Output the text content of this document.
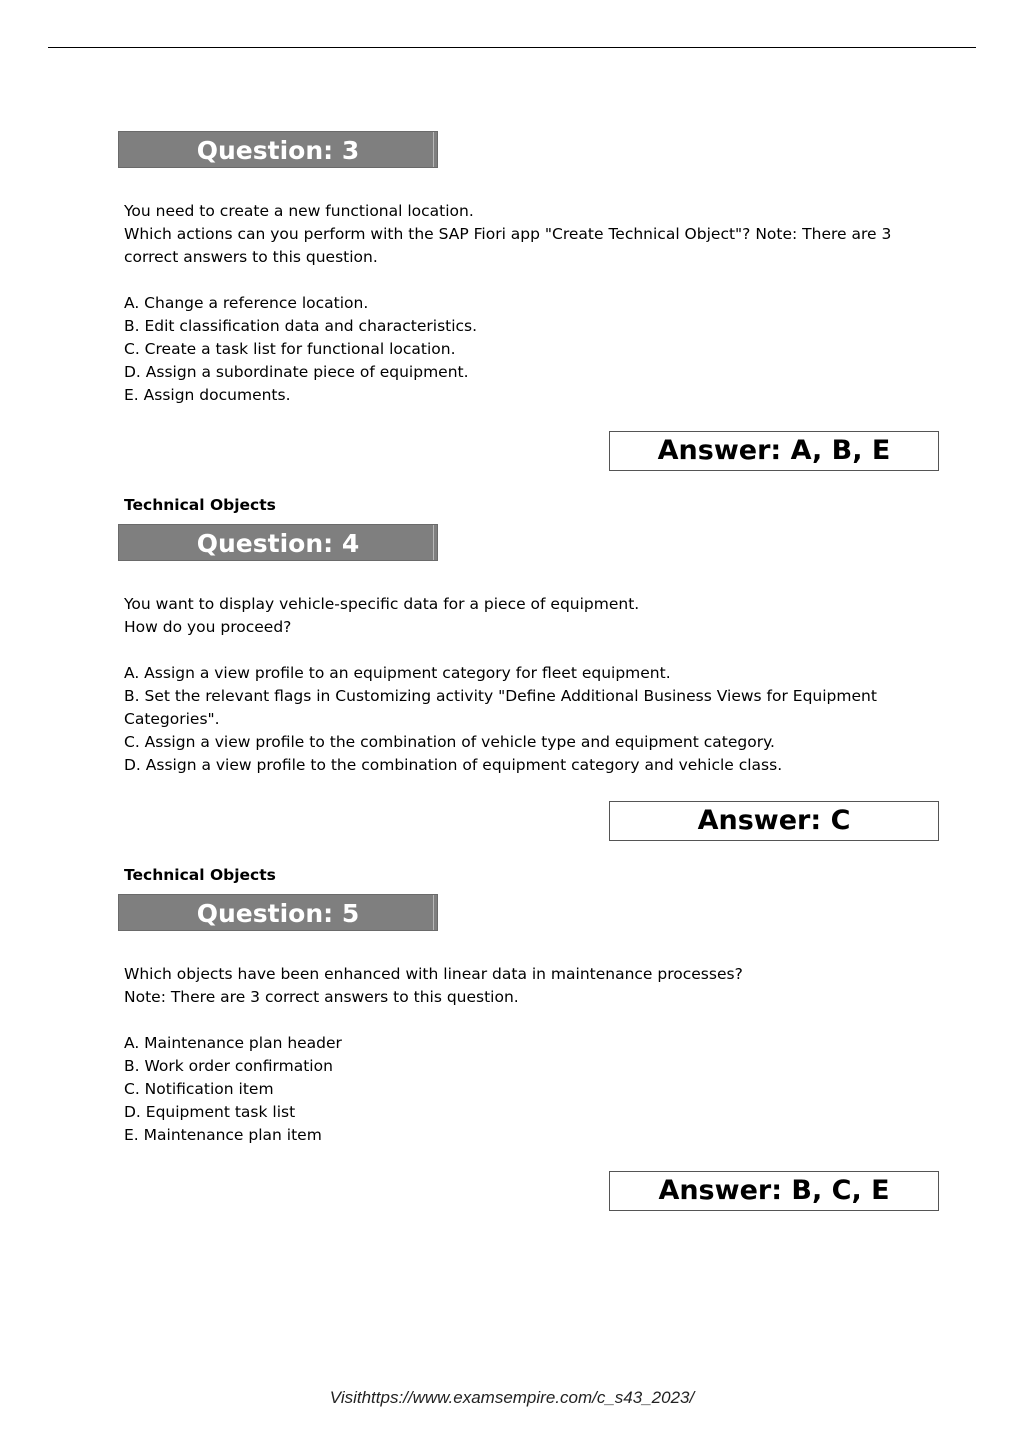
Question: 3
You need to create a new functional location.
Which actions can you perform with the SAP Fiori app "Create Technical Object"? Note: There are 3
correct answers to this question.
A. Change a reference location.
B. Edit classification data and characteristics.
C. Create a task list for functional location.
D. Assign a subordinate piece of equipment.
E. Assign documents.
Answer: A, B, E
Technical Objects
Question: 4
You want to display vehicle-specific data for a piece of equipment.
How do you proceed?
A. Assign a view profile to an equipment category for fleet equipment.
B. Set the relevant flags in Customizing activity "Define Additional Business Views for Equipment
Categories".
C. Assign a view profile to the combination of vehicle type and equipment category.
D. Assign a view profile to the combination of equipment category and vehicle class.
Answer: C
Technical Objects
Question: 5
Which objects have been enhanced with linear data in maintenance processes?
Note: There are 3 correct answers to this question.
A. Maintenance plan header
B. Work order confirmation
C. Notification item
D. Equipment task list
E. Maintenance plan item
Answer: B, C, E
Visithttps://www.examsempire.com/c_s43_2023/
